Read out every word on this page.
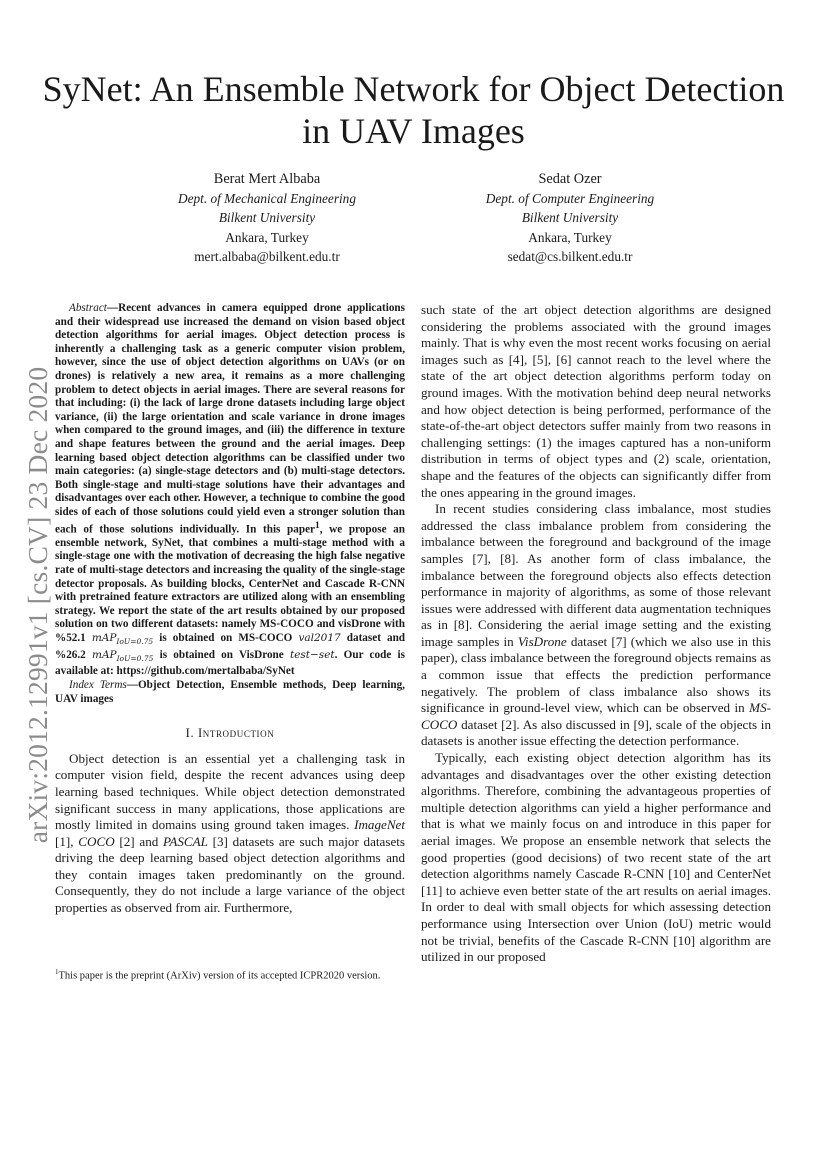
arXiv:2012.12991v1 [cs.CV] 23 Dec 2020
SyNet: An Ensemble Network for Object Detection in UAV Images
Berat Mert Albaba
Dept. of Mechanical Engineering
Bilkent University
Ankara, Turkey
mert.albaba@bilkent.edu.tr
Sedat Ozer
Dept. of Computer Engineering
Bilkent University
Ankara, Turkey
sedat@cs.bilkent.edu.tr

Abstract—Recent advances in camera equipped drone applications and their widespread use increased the demand on vision based object detection algorithms for aerial images. Object detection process is inherently a challenging task as a generic computer vision problem, however, since the use of object detection algorithms on UAVs (or on drones) is relatively a new area, it remains as a more challenging problem to detect objects in aerial images. There are several reasons for that including: (i) the lack of large drone datasets including large object variance, (ii) the large orientation and scale variance in drone images when compared to the ground images, and (iii) the difference in texture and shape features between the ground and the aerial images. Deep learning based object detection algorithms can be classified under two main categories: (a) single-stage detectors and (b) multi-stage detectors. Both single-stage and multi-stage solutions have their advantages and disadvantages over each other. However, a technique to combine the good sides of each of those solutions could yield even a stronger solution than each of those solutions individually. In this paper$^1$, we propose an ensemble network, SyNet, that combines a multi-stage method with a single-stage one with the motivation of decreasing the high false negative rate of multi-stage detectors and increasing the quality of the single-stage detector proposals. As building blocks, CenterNet and Cascade R-CNN with pretrained feature extractors are utilized along with an ensembling strategy. We report the state of the art results obtained by our proposed solution on two different datasets: namely MS-COCO and visDrone with %52.1 mAP$_{IoU=0.75}$ is obtained on MS-COCO val2017 dataset and %26.2 mAP$_{IoU=0.75}$ is obtained on VisDrone test−set. Our code is available at: https://github.com/mertalbaba/SyNet

Index Terms—Object Detection, Ensemble methods, Deep learning, UAV images

I. Introduction

Object detection is an essential yet a challenging task in computer vision field, despite the recent advances using deep learning based techniques. While object detection demonstrated significant success in many applications, those applications are mostly limited in domains using ground taken images. ImageNet [1], COCO [2] and PASCAL [3] datasets are such major datasets driving the deep learning based object detection algorithms and they contain images taken predominantly on the ground. Consequently, they do not include a large variance of the object properties as observed from air. Furthermore,

$^1$This paper is the preprint (ArXiv) version of its accepted ICPR2020 version.

such state of the art object detection algorithms are designed considering the problems associated with the ground images mainly. That is why even the most recent works focusing on aerial images such as [4], [5], [6] cannot reach to the level where the state of the art object detection algorithms perform today on ground images. With the motivation behind deep neural networks and how object detection is being performed, performance of the state-of-the-art object detectors suffer mainly from two reasons in challenging settings: (1) the images captured has a non-uniform distribution in terms of object types and (2) scale, orientation, shape and the features of the objects can significantly differ from the ones appearing in the ground images.

In recent studies considering class imbalance, most studies addressed the class imbalance problem from considering the imbalance between the foreground and background of the image samples [7], [8]. As another form of class imbalance, the imbalance between the foreground objects also effects detection performance in majority of algorithms, as some of those relevant issues were addressed with different data augmentation techniques as in [8]. Considering the aerial image setting and the existing image samples in VisDrone dataset [7] (which we also use in this paper), class imbalance between the foreground objects remains as a common issue that effects the prediction performance negatively. The problem of class imbalance also shows its significance in ground-level view, which can be observed in MS-COCO dataset [2]. As also discussed in [9], scale of the objects in datasets is another issue effecting the detection performance.

Typically, each existing object detection algorithm has its advantages and disadvantages over the other existing detection algorithms. Therefore, combining the advantageous properties of multiple detection algorithms can yield a higher performance and that is what we mainly focus on and introduce in this paper for aerial images. We propose an ensemble network that selects the good properties (good decisions) of two recent state of the art detection algorithms namely Cascade R-CNN [10] and CenterNet [11] to achieve even better state of the art results on aerial images. In order to deal with small objects for which assessing detection performance using Intersection over Union (IoU) metric would not be trivial, benefits of the Cascade R-CNN [10] algorithm are utilized in our proposed
